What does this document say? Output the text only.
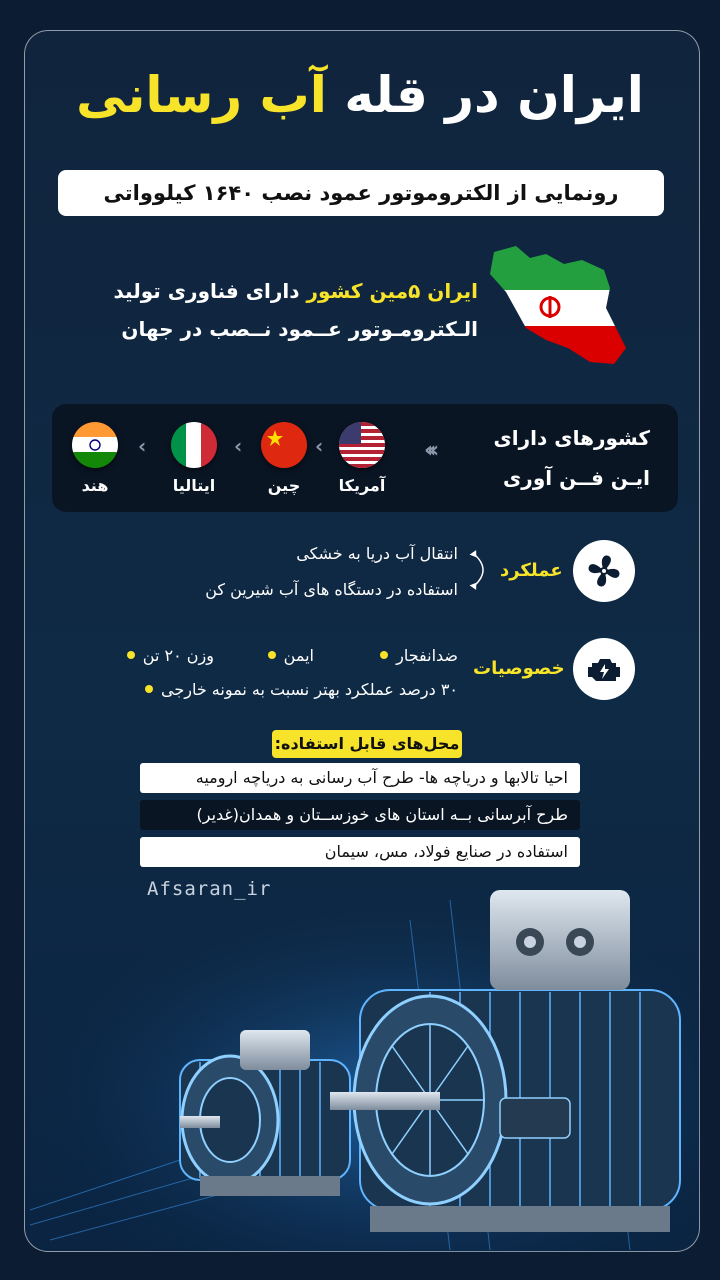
ایران در قله آب رسانی
رونمایی از الکتروموتور عمود نصب ۱۶۴۰ کیلوواتی
ایران ۵مین کشور دارای فناوری تولید
الـکترومـوتور عــمود نــصب در جهان
کشورهای دارای
ایـن فــن آوری
‹‹‹
آمریکا
‹
چین
‹
ایتالیا
‹
هند
عملکرد
انتقال آب دریا به خشکی
استفاده در دستگاه های آب شیرین کن
خصوصیات
ضدانفجار
ایمن
وزن ۲۰ تن
۳۰ درصد عملکرد بهتر نسبت به نمونه خارجی
محل‌های قابل استفاده:
احیا تالابها و دریاچه ها- طرح آب رسانی به دریاچه ارومیه
طرح آبرسانی بــه استان های خوزســتان و همدان(غدیر)
استفاده در صنایع فولاد، مس، سیمان
